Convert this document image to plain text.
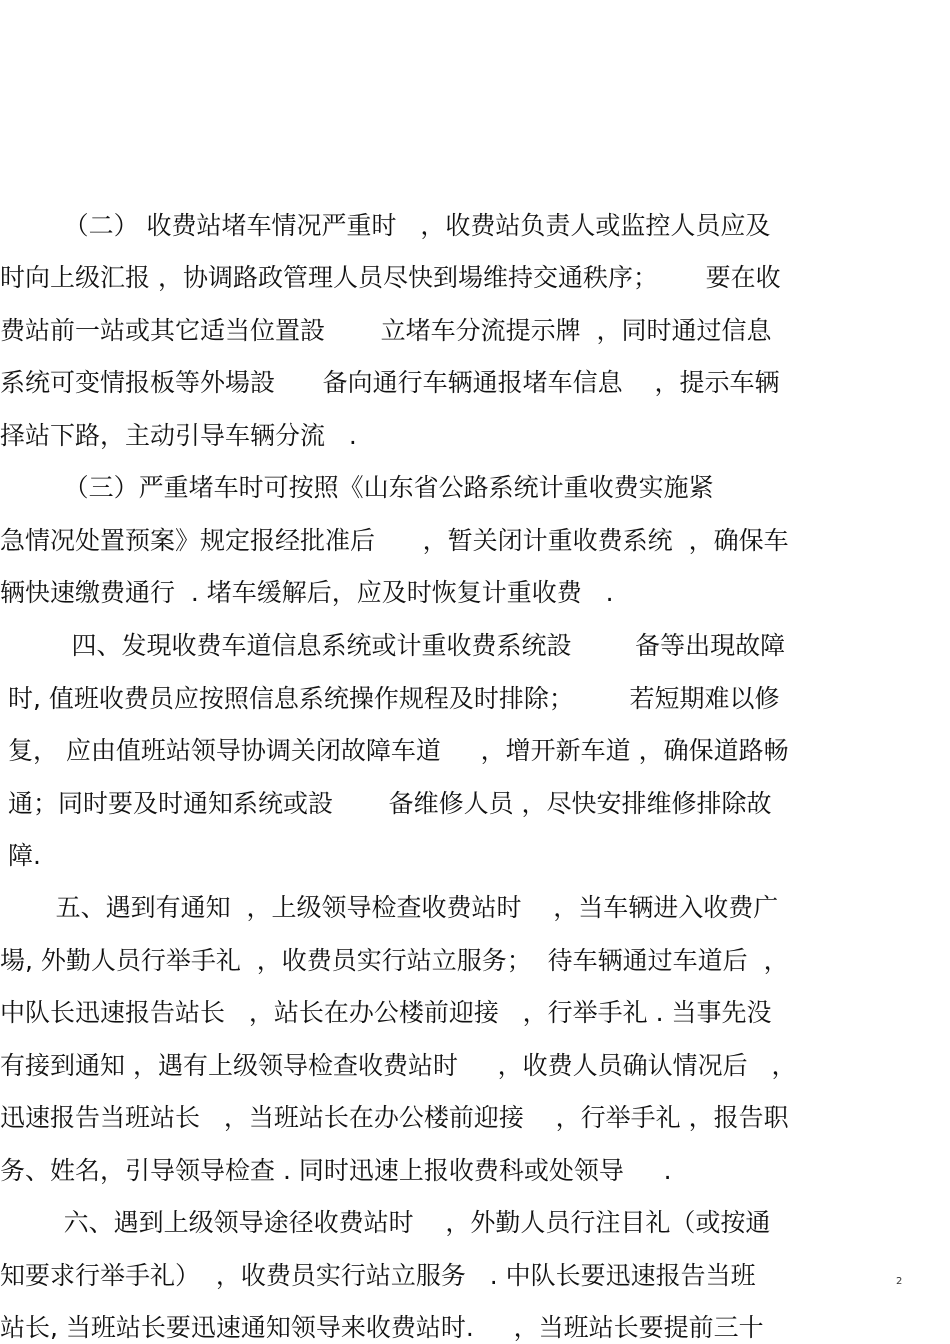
（二） 收费站堵车情况严重时   ，收费站负责人或监控人员应及

时向上级汇报 ，协调路政管理人员尽快到場维持交通秩序；      要在收

费站前一站或其它适当位置設       立堵车分流提示牌  ，同时通过信息

系统可变情报板等外場設      备向通行车辆通报堵车信息    ，提示车辆

择站下路，主动引导车辆分流   .

（三）严重堵车时可按照《山东省公路系统计重收费实施紧

急情况处置预案》规定报经批准后      ，暂关闭计重收费系统  ，确保车

辆快速缴费通行  . 堵车缓解后，应及时恢复计重收费   .

四、发現收费车道信息系统或计重收费系统設        备等出現故障

时, 值班收费员应按照信息系统操作规程及时排除；       若短期难以修

复， 应由值班站领导协调关闭故障车道     ，增开新车道 ，确保道路畅

通；同时要及时通知系统或設       备维修人员 ，尽快安排维修排除故

障.

五、遇到有通知  ，上级领导检查收费站时    ，当车辆进入收费广

場, 外勤人员行举手礼  ，收费员实行站立服务；  待车辆通过车道后  ，

中队长迅速报告站长   ，站长在办公楼前迎接   ，行举手礼 . 当事先没

有接到通知 ，遇有上级领导检查收费站时     ，收费人员确认情况后   ，

迅速报告当班站长   ，当班站长在办公楼前迎接    ，行举手礼 ，报告职

务、姓名，引导领导检查 . 同时迅速上报收费科或处领导     .

六、遇到上级领导途径收费站时    ，外勤人员行注目礼（或按通

知要求行举手礼）  ，收费员实行站立服务   . 中队长要迅速报告当班

站长, 当班站长要迅速通知领导来收费站时.     ，当班站长要提前三十

2
